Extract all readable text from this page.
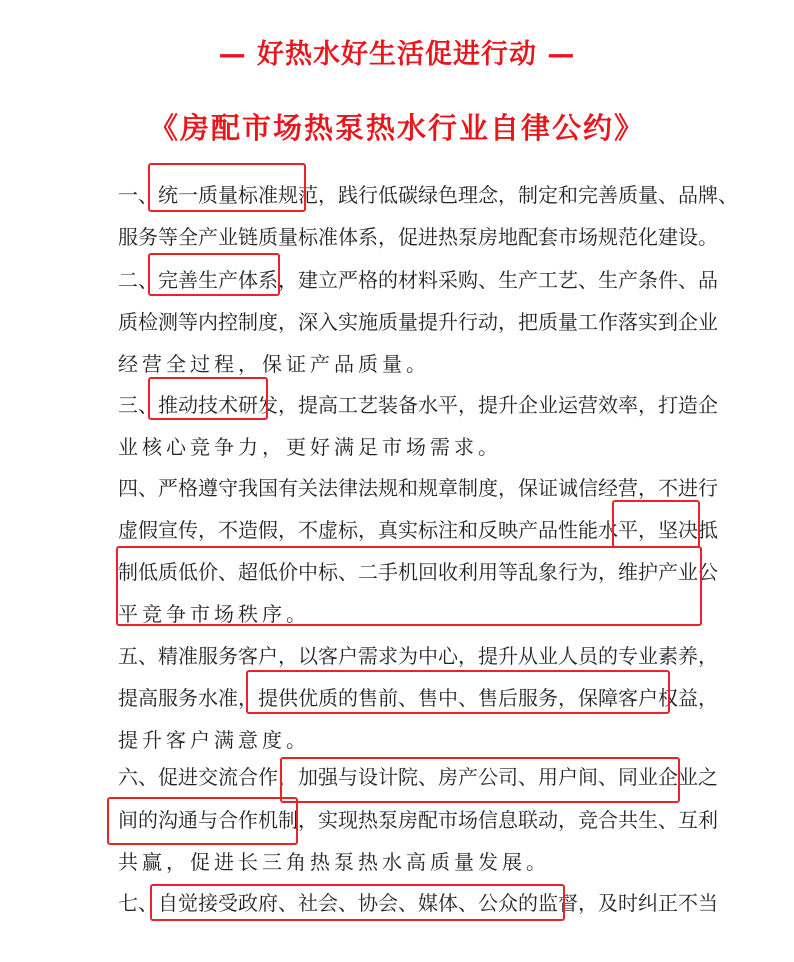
— 好热水好生活促进行动 —
《房配市场热泵热水行业自律公约》
一、统一质量标准规范，践行低碳绿色理念，制定和完善质量、品牌、
服务等全产业链质量标准体系，促进热泵房地配套市场规范化建设。
二、完善生产体系，建立严格的材料采购、生产工艺、生产条件、品
质检测等内控制度，深入实施质量提升行动，把质量工作落实到企业
经营全过程，保证产品质量。
三、推动技术研发，提高工艺装备水平，提升企业运营效率，打造企
业核心竞争力，更好满足市场需求。
四、严格遵守我国有关法律法规和规章制度，保证诚信经营，不进行
虚假宣传，不造假，不虚标，真实标注和反映产品性能水平，坚决抵
制低质低价、超低价中标、二手机回收利用等乱象行为，维护产业公
平竞争市场秩序。
五、精准服务客户，以客户需求为中心，提升从业人员的专业素养，
提高服务水准，提供优质的售前、售中、售后服务，保障客户权益，
提升客户满意度。
六、促进交流合作，加强与设计院、房产公司、用户间、同业企业之
间的沟通与合作机制，实现热泵房配市场信息联动，竞合共生、互利
共赢，促进长三角热泵热水高质量发展。
七、自觉接受政府、社会、协会、媒体、公众的监督，及时纠正不当
